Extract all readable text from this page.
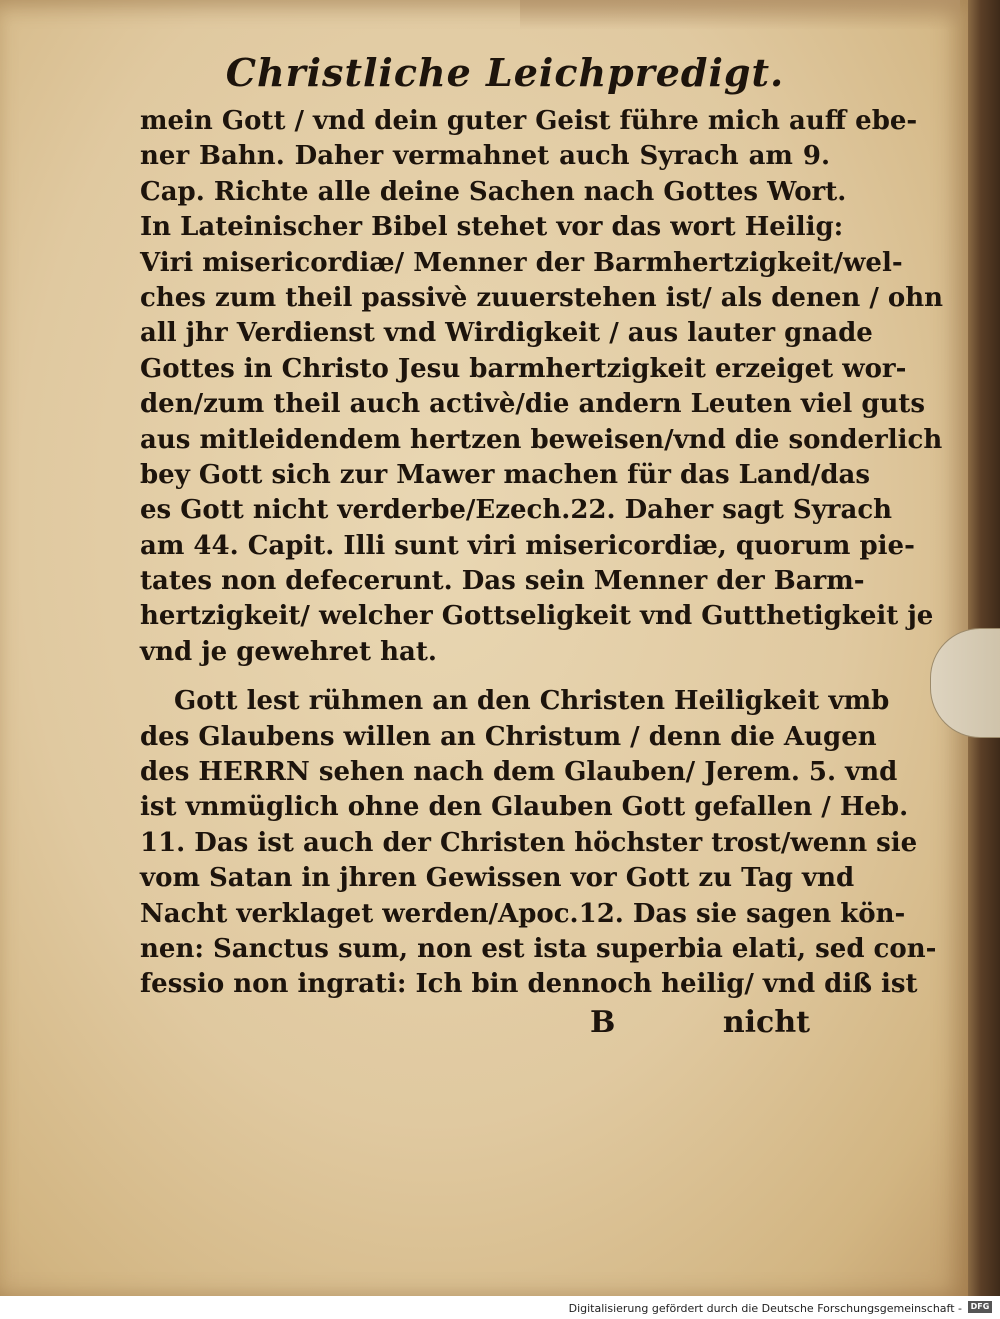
Christliche Leichpredigt.
mein Gott / vnd dein guter Geist führe mich auff ebe-
ner Bahn. Daher vermahnet auch Syrach am 9.
Cap. Richte alle deine Sachen nach Gottes Wort.
In Lateinischer Bibel stehet vor das wort Heilig:
Viri misericordiæ/ Menner der Barmhertzigkeit/wel-
ches zum theil passivè zuuerstehen ist/ als denen / ohn
all jhr Verdienst vnd Wirdigkeit / aus lauter gnade
Gottes in Christo Jesu barmhertzigkeit erzeiget wor-
den/zum theil auch activè/die andern Leuten viel guts
aus mitleidendem hertzen beweisen/vnd die sonderlich
bey Gott sich zur Mawer machen für das Land/das
es Gott nicht verderbe/Ezech.22. Daher sagt Syrach
am 44. Capit. Illi sunt viri misericordiæ, quorum pie-
tates non defecerunt. Das sein Menner der Barm-
hertzigkeit/ welcher Gottseligkeit vnd Gutthetigkeit je
vnd je gewehret hat.
Gott lest rühmen an den Christen Heiligkeit vmb
des Glaubens willen an Christum / denn die Augen
des HERRN sehen nach dem Glauben/ Jerem. 5. vnd
ist vnmüglich ohne den Glauben Gott gefallen / Heb.
11. Das ist auch der Christen höchster trost/wenn sie
vom Satan in jhren Gewissen vor Gott zu Tag vnd
Nacht verklaget werden/Apoc.12. Das sie sagen kön-
nen: Sanctus sum, non est ista superbia elati, sed con-
fessio non ingrati: Ich bin dennoch heilig/ vnd diß ist
B	nicht
Digitalisierung gefördert durch die Deutsche Forschungsgemeinschaft -	DFG
